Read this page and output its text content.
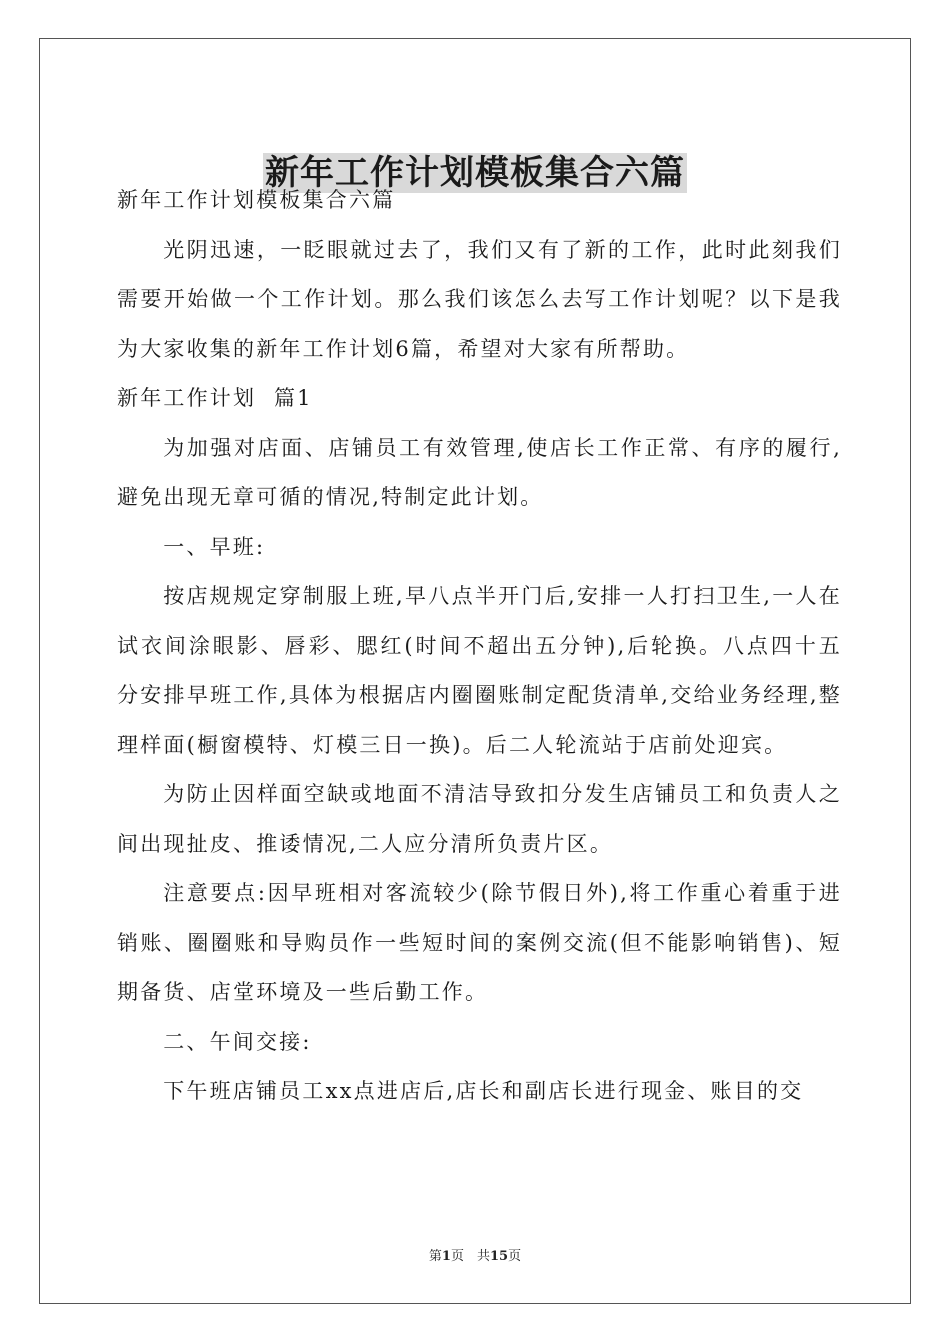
新年工作计划模板集合六篇

新年工作计划模板集合六篇

光阴迅速，一眨眼就过去了，我们又有了新的工作，此时此刻我们需要开始做一个工作计划。那么我们该怎么去写工作计划呢？以下是我为大家收集的新年工作计划6篇，希望对大家有所帮助。

新年工作计划  篇1

为加强对店面、店铺员工有效管理,使店长工作正常、有序的履行,避免出现无章可循的情况,特制定此计划。

一、早班:

按店规规定穿制服上班,早八点半开门后,安排一人打扫卫生,一人在试衣间涂眼影、唇彩、腮红(时间不超出五分钟),后轮换。八点四十五分安排早班工作,具体为根据店内圈圈账制定配货清单,交给业务经理,整理样面(橱窗模特、灯模三日一换)。后二人轮流站于店前处迎宾。

为防止因样面空缺或地面不清洁导致扣分发生店铺员工和负责人之间出现扯皮、推诿情况,二人应分清所负责片区。

注意要点:因早班相对客流较少(除节假日外),将工作重心着重于进销账、圈圈账和导购员作一些短时间的案例交流(但不能影响销售)、短期备货、店堂环境及一些后勤工作。

二、午间交接:

下午班店铺员工xx点进店后,店长和副店长进行现金、账目的交

第1页　共15页
